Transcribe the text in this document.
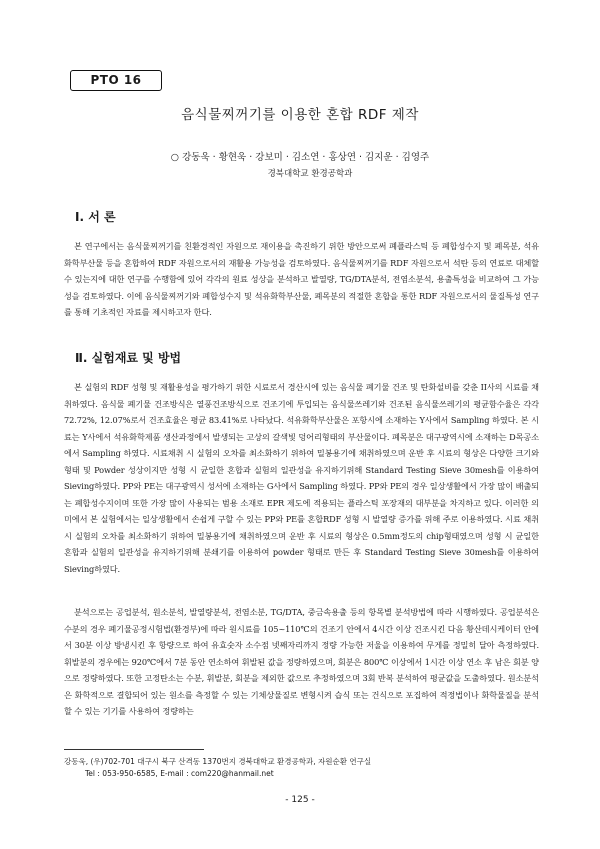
PTO 16
음식물찌꺼기를 이용한 혼합 RDF 제작
○ 강동욱 · 황현욱 · 강보미 · 김소연 · 홍상연 · 김지운 · 김영주
경북대학교 환경공학과
Ⅰ. 서 론
본 연구에서는 음식물찌꺼기를 친환경적인 자원으로 재이용을 촉진하기 위한 방안으로써 폐플라스틱 등 폐합성수지 및 폐목분, 석유화학부산물 등을 혼합하여 RDF 자원으로서의 재활용 가능성을 검토하였다. 음식물찌꺼기를 RDF 자원으로서 석탄 등의 연료로 대체할 수 있는지에 대한 연구를 수행함에 있어 각각의 원료 성상을 분석하고 발열량, TG/DTA분석, 전염소분석, 용출특성을 비교하여 그 가능성을 검토하였다. 이에 음식물찌꺼기와 폐합성수지 및 석유화학부산물, 폐목분의 적절한 혼합을 통한 RDF 자원으로서의 물질특성 연구를 통해 기초적인 자료를 제시하고자 한다.
Ⅱ. 실험재료 및 방법
본 실험의 RDF 성형 및 재활용성을 평가하기 위한 시료로서 경산시에 있는 음식물 폐기물 건조 및 탄화설비를 갖춘 II사의 시료를 채취하였다. 음식물 폐기물 건조방식은 열풍건조방식으로 건조기에 투입되는 음식물쓰레기와 건조된 음식물쓰레기의 평균함수율은 각각 72.72%, 12.07%로서 건조효율은 평균 83.41%로 나타났다. 석유화학부산물은 포항시에 소재하는 Y사에서 Sampling 하였다. 본 시료는 Y사에서 석유화학제품 생산과정에서 발생되는 고상의 갈색빛 덩어리형태의 부산물이다. 폐목분은 대구광역시에 소재하는 D목공소에서 Sampling 하였다. 시료채취 시 실험의 오차를 최소화하기 위하여 밀봉용기에 채취하였으며 운반 후 시료의 형상은 다양한 크기와 형태 및 Powder 성상이지만 성형 시 균일한 혼합과 실험의 일관성을 유지하기위해 Standard Testing Sieve 30mesh를 이용하여 Sieving하였다. PP와 PE는 대구광역시 성서에 소재하는 G사에서 Sampling 하였다. PP와 PE의 경우 일상생활에서 가장 많이 배출되는 폐합성수지이며 또한 가장 많이 사용되는 범용 소재로 EPR 제도에 적용되는 플라스틱 포장재의 대부분을 차지하고 있다. 이러한 의미에서 본 실험에서는 일상생활에서 손쉽게 구할 수 있는 PP와 PE를 혼합RDF 성형 시 발열량 증가를 위해 주로 이용하였다. 시료 채취 시 실험의 오차를 최소화하기 위하여 밀봉용기에 채취하였으며 운반 후 시료의 형상은 0.5mm정도의 chip형태였으며 성형 시 균일한 혼합과 실험의 일관성을 유지하기위해 분쇄기를 이용하여 powder 형태로 만든 후 Standard Testing Sieve 30mesh를 이용하여 Sieving하였다.
분석으로는 공업분석, 원소분석, 발열량분석, 전염소분, TG/DTA, 중금속용출 등의 항목별 분석방법에 따라 시행하였다. 공업분석은 수분의 경우 폐기물공정시험법(환경부)에 따라 원시료를 105~110℃의 건조기 안에서 4시간 이상 건조시킨 다음 황산데시케이터 안에서 30분 이상 방냉시킨 후 항량으로 하여 유효숫자 소수점 넷째자리까지 정량 가능한 저울을 이용하여 무게를 정밀히 달아 측정하였다. 휘발분의 경우에는 920℃에서 7분 동안 연소하여 휘발된 값을 정량하였으며, 회분은 800℃ 이상에서 1시간 이상 연소 후 남은 회분 양으로 정량하였다. 또한 고정탄소는 수분, 휘발분, 회분을 제외한 값으로 추정하였으며 3회 반복 분석하여 평균값을 도출하였다. 원소분석은 화학적으로 결합되어 있는 원소를 측정할 수 있는 기체상물질로 변형시켜 습식 또는 건식으로 포집하여 적정법이나 화학물질을 분석할 수 있는 기기를 사용하여 정량하는
강동욱, (우)702-701 대구시 북구 산격동 1370번지 경북대학교 환경공학과, 자원순환 연구실
Tel : 053-950-6585, E-mail : com220@hanmail.net
- 125 -
